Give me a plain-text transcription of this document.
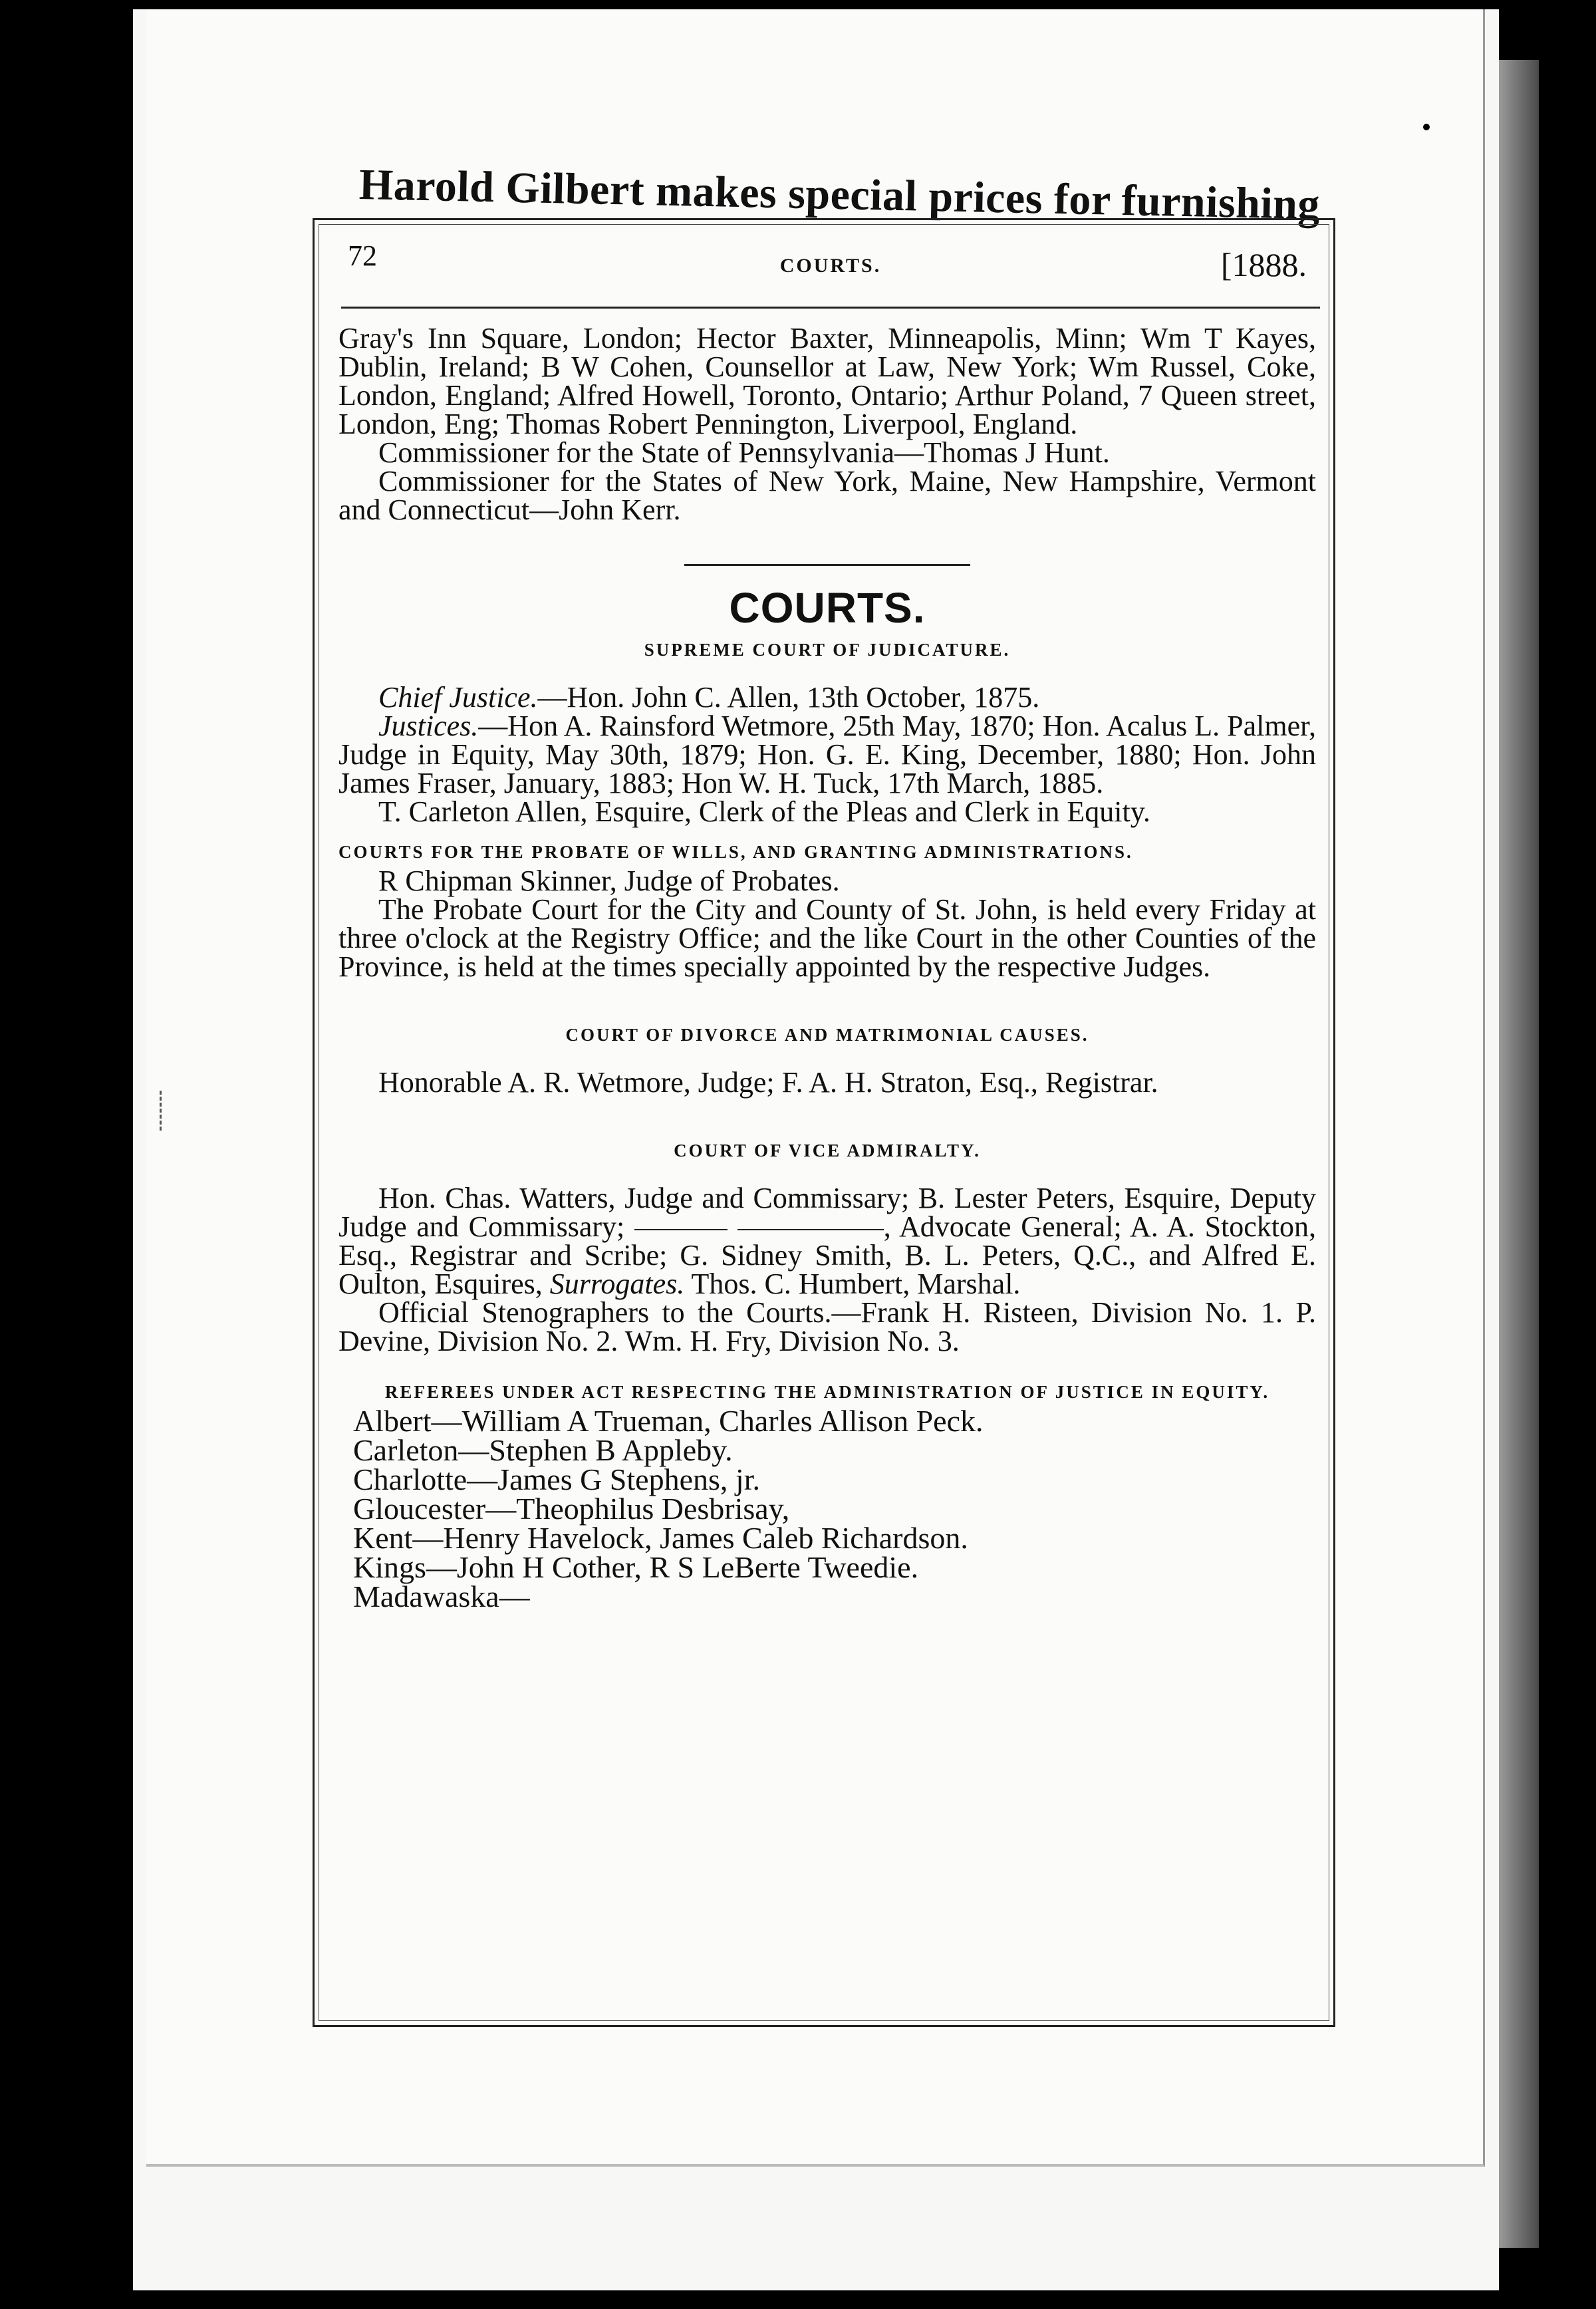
Harold Gilbert makes special prices for furnishing
72	COURTS.	[1888.

Gray's Inn Square, London; Hector Baxter, Minneapolis, Minn; Wm T Kayes, Dublin, Ireland; B W Cohen, Counsellor at Law, New York; Wm Russel, Coke, London, England; Alfred Howell, Toronto, Ontario; Arthur Poland, 7 Queen street, London, Eng; Thomas Robert Pennington, Liverpool, England.

Commissioner for the State of Pennsylvania—Thomas J Hunt.

Commissioner for the States of New York, Maine, New Hampshire, Vermont and Connecticut—John Kerr.

COURTS.
SUPREME COURT OF JUDICATURE.

Chief Justice.—Hon. John C. Allen, 13th October, 1875.

Justices.—Hon A. Rainsford Wetmore, 25th May, 1870; Hon. Acalus L. Palmer, Judge in Equity, May 30th, 1879; Hon. G. E. King, December, 1880; Hon. John James Fraser, January, 1883; Hon W. H. Tuck, 17th March, 1885.

T. Carleton Allen, Esquire, Clerk of the Pleas and Clerk in Equity.

COURTS FOR THE PROBATE OF WILLS, AND GRANTING ADMINISTRATIONS.

R Chipman Skinner, Judge of Probates.

The Probate Court for the City and County of St. John, is held every Friday at three o'clock at the Registry Office; and the like Court in the other Counties of the Province, is held at the times specially appointed by the respective Judges.

COURT OF DIVORCE AND MATRIMONIAL CAUSES.

Honorable A. R. Wetmore, Judge; F. A. H. Straton, Esq., Registrar.

COURT OF VICE ADMIRALTY.

Hon. Chas. Watters, Judge and Commissary; B. Lester Peters, Esquire, Deputy Judge and Commissary;	, Advocate General; A. A. Stockton, Esq., Registrar and Scribe; G. Sidney Smith, B. L. Peters, Q.C., and Alfred E. Oulton, Esquires, Surrogates. Thos. C. Humbert, Marshal.

Official Stenographers to the Courts.—Frank H. Risteen, Division No. 1. P. Devine, Division No. 2. Wm. H. Fry, Division No. 3.

REFEREES UNDER ACT RESPECTING THE ADMINISTRATION OF JUSTICE IN EQUITY.

Albert—William A Trueman, Charles Allison Peck.

Carleton—Stephen B Appleby.

Charlotte—James G Stephens, jr.

Gloucester—Theophilus Desbrisay,

Kent—Henry Havelock, James Caleb Richardson.

Kings—John H Cother, R S LeBerte Tweedie.

Madawaska—
